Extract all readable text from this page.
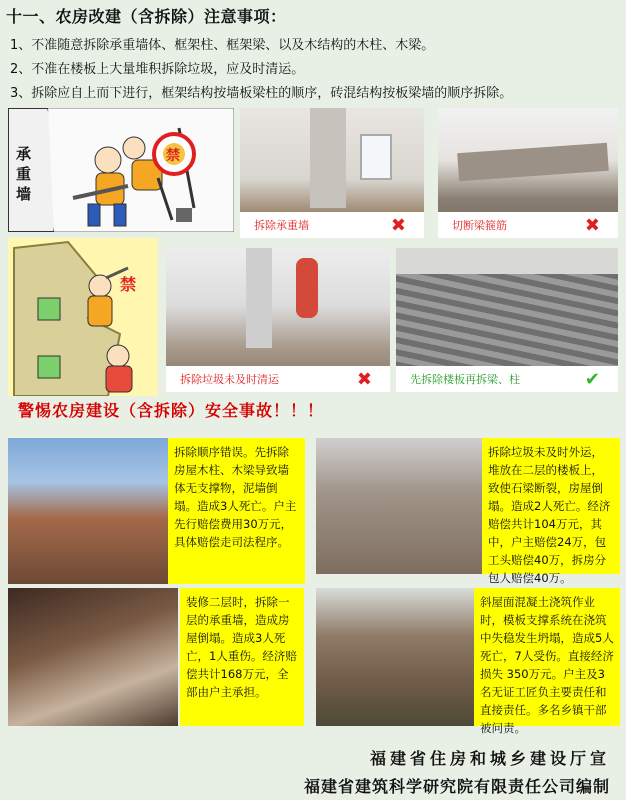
十一、农房改建（含拆除）注意事项：
1、不准随意拆除承重墙体、框架柱、框架梁、以及木结构的木柱、木梁。
2、不准在楼板上大量堆积拆除垃圾，应及时清运。
3、拆除应自上而下进行，框架结构按墙板梁柱的顺序，砖混结构按板梁墙的顺序拆除。
承重墙
禁
拆除承重墙	✖	切断梁箍筋	✖
禁
拆除垃圾未及时清运	✖	先拆除楼板再拆梁、柱	✔
警惕农房建设（含拆除）安全事故！！！
拆除顺序错误。先拆除房屋木柱、木梁导致墙体无支撑物，泥墙倒塌。造成3人死亡。户主先行赔偿费用30万元，具体赔偿走司法程序。
拆除垃圾未及时外运，堆放在二层的楼板上，致使石梁断裂，房屋倒塌。造成2人死亡。经济赔偿共计104万元，其中，户主赔偿24万，包工头赔偿40万，拆房分包人赔偿40万。
装修二层时，拆除一层的承重墙，造成房屋倒塌。造成3人死亡，1人重伤。经济赔偿共计168万元，全部由户主承担。
斜屋面混凝土浇筑作业时，模板支撑系统在浇筑中失稳发生坍塌，造成5人死亡，7人受伤。直接经济损失 350万元。户主及3名无证工匠负主要责任和直接责任。多名乡镇干部被问责。
福建省住房和城乡建设厅宣
福建省建筑科学研究院有限责任公司编制
